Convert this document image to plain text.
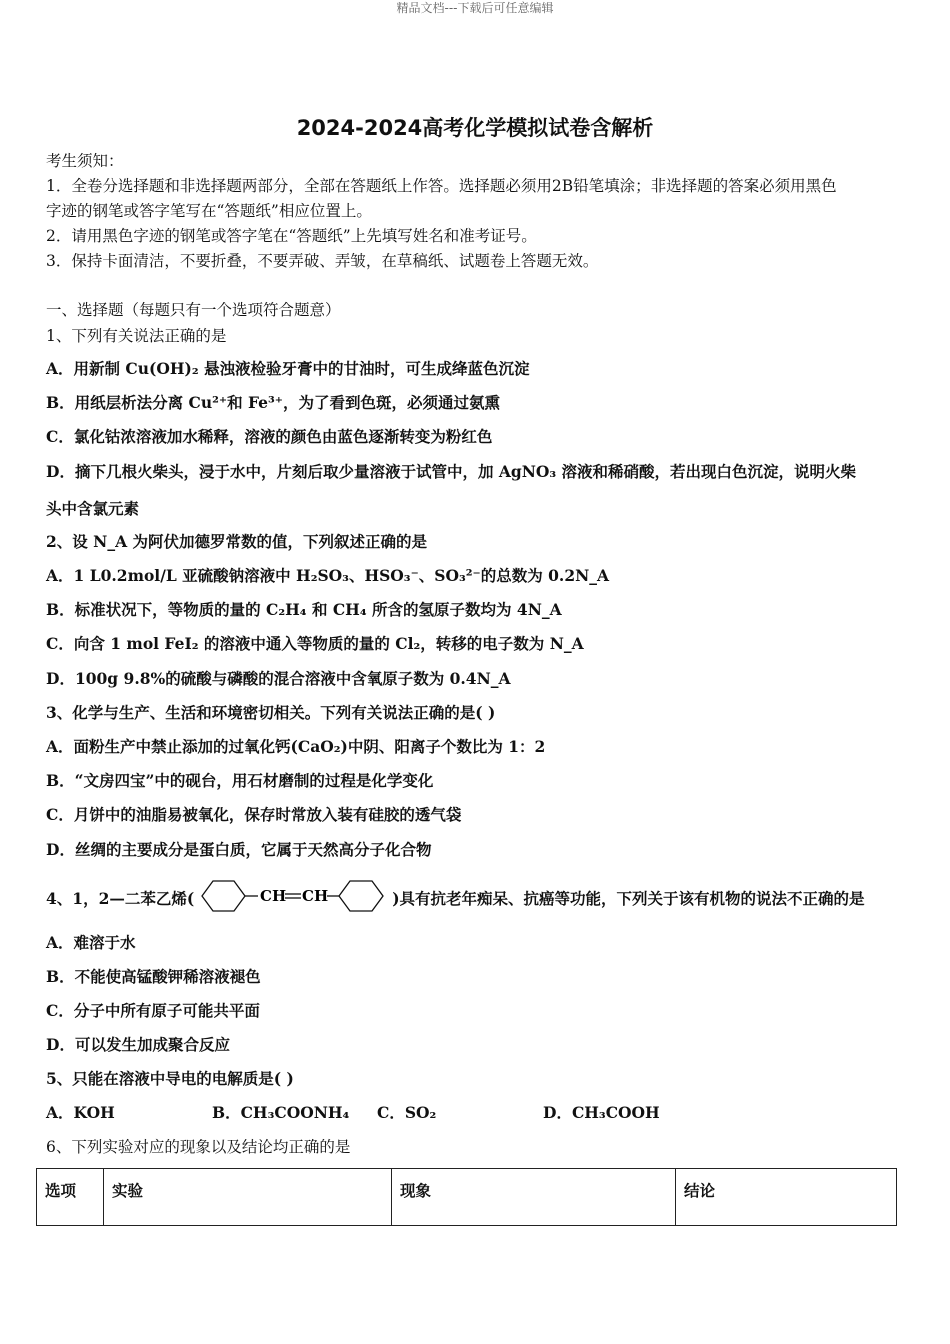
精品文档---下载后可任意编辑
2024-2024高考化学模拟试卷含解析
考生须知：
1．全卷分选择题和非选择题两部分，全部在答题纸上作答。选择题必须用2B铅笔填涂；非选择题的答案必须用黑色
字迹的钢笔或答字笔写在“答题纸”相应位置上。
2．请用黑色字迹的钢笔或答字笔在“答题纸”上先填写姓名和准考证号。
3．保持卡面清洁，不要折叠，不要弄破、弄皱，在草稿纸、试题卷上答题无效。
一、选择题（每题只有一个选项符合题意）
1、下列有关说法正确的是
A．用新制 Cu(OH)₂ 悬浊液检验牙膏中的甘油时，可生成绛蓝色沉淀
B．用纸层析法分离 Cu²⁺和 Fe³⁺，为了看到色斑，必须通过氨熏
C．氯化钴浓溶液加水稀释，溶液的颜色由蓝色逐渐转变为粉红色
D．摘下几根火柴头，浸于水中，片刻后取少量溶液于试管中，加 AgNO₃ 溶液和稀硝酸，若出现白色沉淀，说明火柴
头中含氯元素
2、设 N_A 为阿伏加德罗常数的值，下列叙述正确的是
A．1 L0.2mol/L 亚硫酸钠溶液中 H₂SO₃、HSO₃⁻、SO₃²⁻的总数为 0.2N_A
B．标准状况下，等物质的量的 C₂H₄ 和 CH₄ 所含的氢原子数均为 4N_A
C．向含 1 mol FeI₂ 的溶液中通入等物质的量的 Cl₂，转移的电子数为 N_A
D．100g 9.8%的硫酸与磷酸的混合溶液中含氧原子数为 0.4N_A
3、化学与生产、生活和环境密切相关。下列有关说法正确的是( )
A．面粉生产中禁止添加的过氧化钙(CaO₂)中阴、阳离子个数比为 1：2
B．“文房四宝”中的砚台，用石材磨制的过程是化学变化
C．月饼中的油脂易被氧化，保存时常放入装有硅胶的透气袋
D．丝绸的主要成分是蛋白质，它属于天然高分子化合物
4、1，2—二苯乙烯(	CH CH	)具有抗老年痴呆、抗癌等功能，下列关于该有机物的说法不正确的是
A．难溶于水
B．不能使高锰酸钾稀溶液褪色
C．分子中所有原子可能共平面
D．可以发生加成聚合反应
5、只能在溶液中导电的电解质是( )
A．KOH	B．CH₃COONH₄ C．SO₂	D．CH₃COOH
6、下列实验对应的现象以及结论均正确的是
选项	实验	现象	结论
